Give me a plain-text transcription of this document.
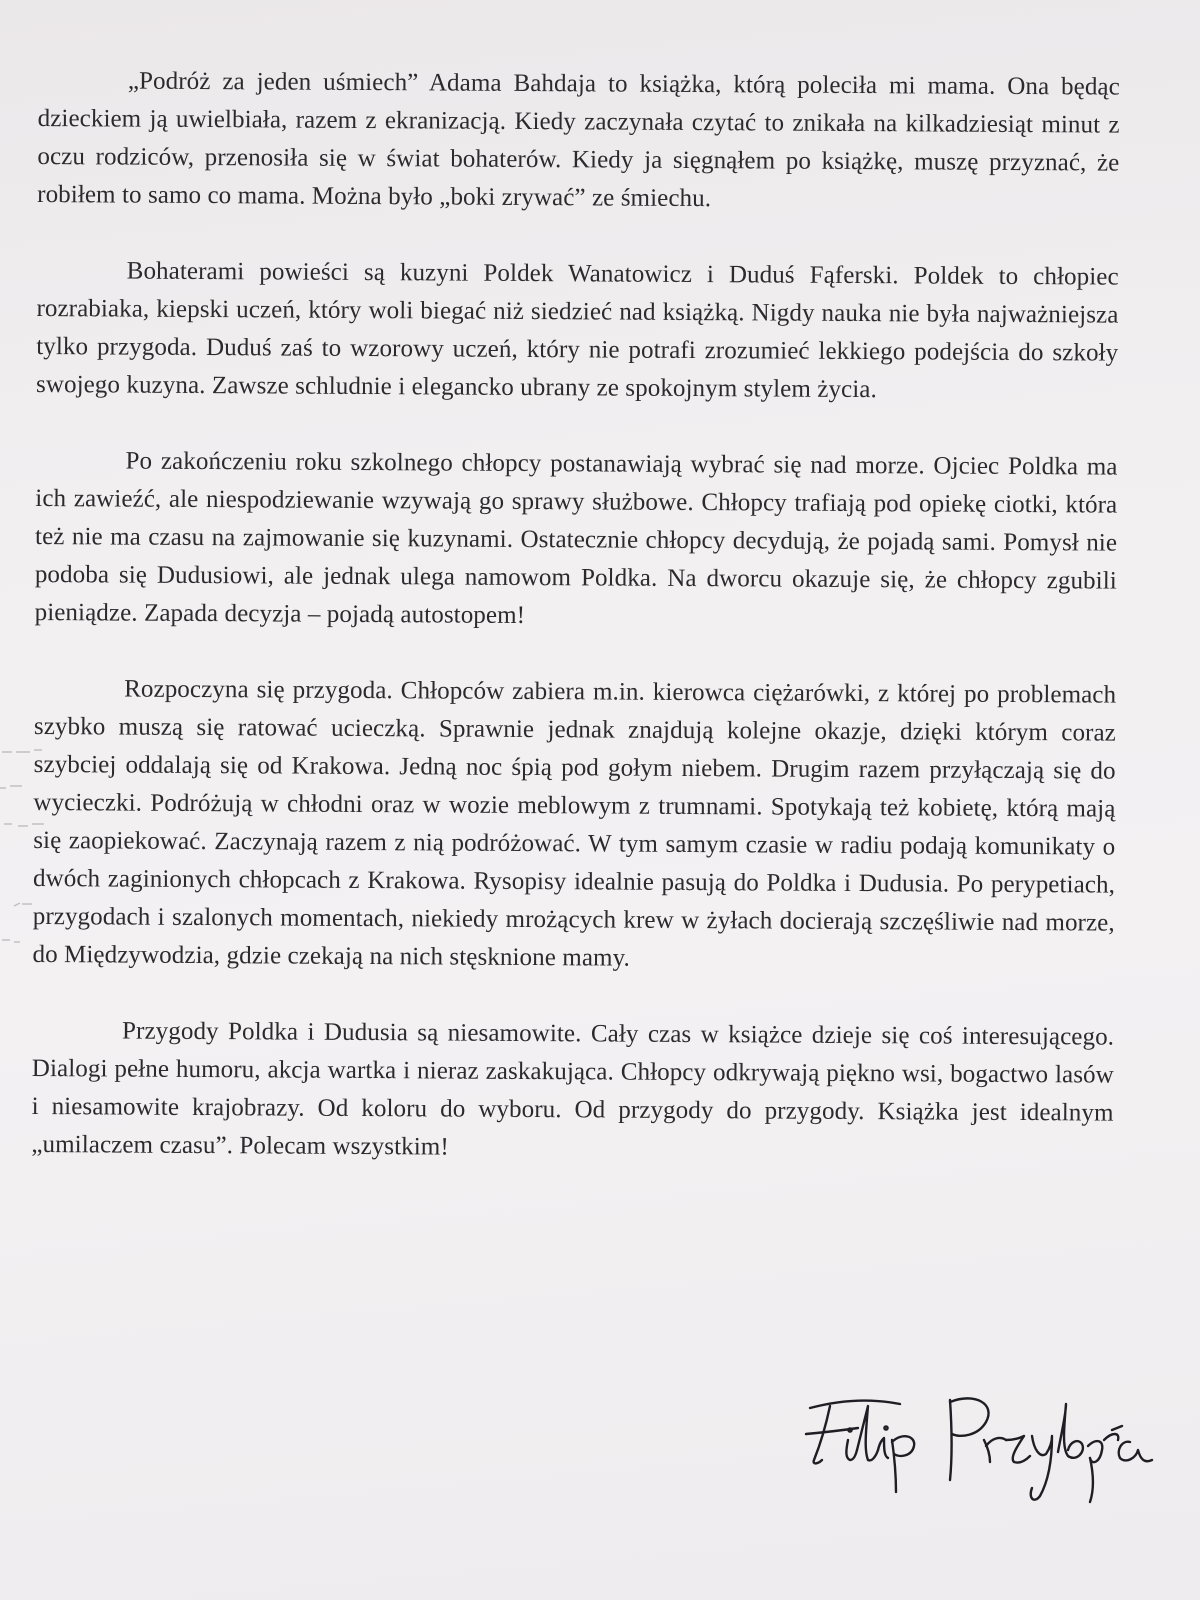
„Podróż za jeden uśmiech” Adama Bahdaja to książka, którą poleciła mi mama. Ona będąc dzieckiem ją uwielbiała, razem z ekranizacją. Kiedy zaczynała czytać to znikała na kilkadziesiąt minut z oczu rodziców, przenosiła się w świat bohaterów. Kiedy ja sięgnąłem po książkę, muszę przyznać, że robiłem to samo co mama. Można było „boki zrywać” ze śmiechu.

Bohaterami powieści są kuzyni Poldek Wanatowicz i Duduś Fąferski. Poldek to chłopiec rozrabiaka, kiepski uczeń, który woli biegać niż siedzieć nad książką. Nigdy nauka nie była najważniejsza tylko przygoda. Duduś zaś to wzorowy uczeń, który nie potrafi zrozumieć lekkiego podejścia do szkoły swojego kuzyna. Zawsze schludnie i elegancko ubrany ze spokojnym stylem życia.

Po zakończeniu roku szkolnego chłopcy postanawiają wybrać się nad morze. Ojciec Poldka ma ich zawieźć, ale niespodziewanie wzywają go sprawy służbowe. Chłopcy trafiają pod opiekę ciotki, która też nie ma czasu na zajmowanie się kuzynami. Ostatecznie chłopcy decydują, że pojadą sami. Pomysł nie podoba się Dudusiowi, ale jednak ulega namowom Poldka. Na dworcu okazuje się, że chłopcy zgubili pieniądze. Zapada decyzja – pojadą autostopem!

Rozpoczyna się przygoda. Chłopców zabiera m.in. kierowca ciężarówki, z której po problemach szybko muszą się ratować ucieczką. Sprawnie jednak znajdują kolejne okazje, dzięki którym coraz szybciej oddalają się od Krakowa. Jedną noc śpią pod gołym niebem. Drugim razem przyłączają się do wycieczki. Podróżują w chłodni oraz w wozie meblowym z trumnami. Spotykają też kobietę, którą mają się zaopiekować. Zaczynają razem z nią podróżować. W tym samym czasie w radiu podają komunikaty o dwóch zaginionych chłopcach z Krakowa. Rysopisy idealnie pasują do Poldka i Dudusia. Po perypetiach, przygodach i szalonych momentach, niekiedy mrożących krew w żyłach docierają szczęśliwie nad morze, do Międzywodzia, gdzie czekają na nich stęsknione mamy.

Przygody Poldka i Dudusia są niesamowite. Cały czas w książce dzieje się coś interesującego. Dialogi pełne humoru, akcja wartka i nieraz zaskakująca. Chłopcy odkrywają piękno wsi, bogactwo lasów i niesamowite krajobrazy. Od koloru do wyboru. Od przygody do przygody. Książka jest idealnym „umilaczem czasu”. Polecam wszystkim!
